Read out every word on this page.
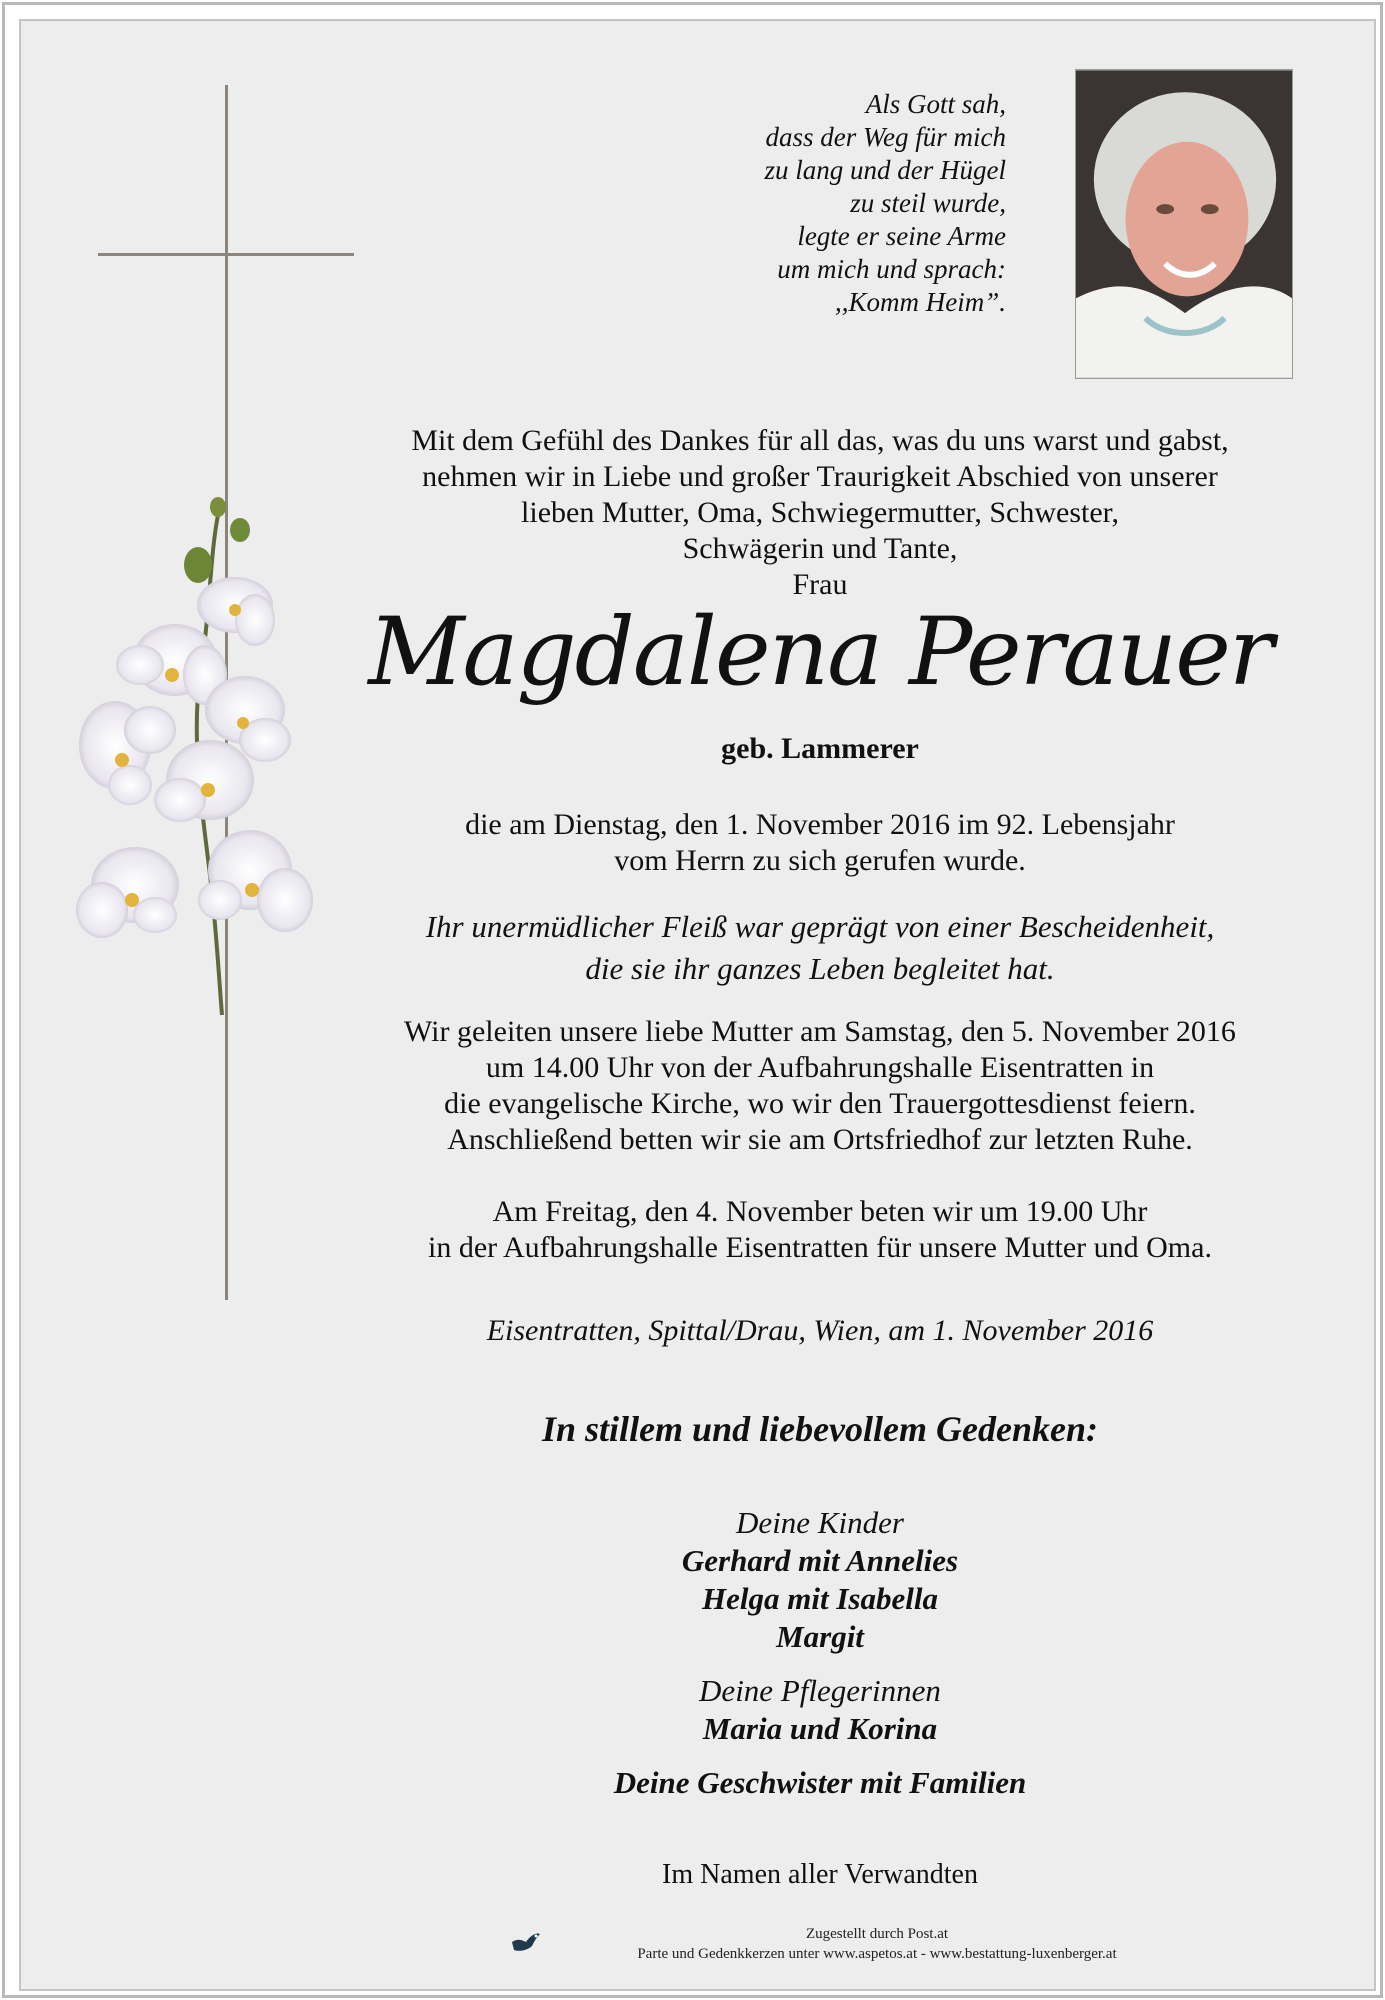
Als Gott sah,
dass der Weg für mich
zu lang und der Hügel
zu steil wurde,
legte er seine Arme
um mich und sprach:
,,Komm Heim”.
Mit dem Gefühl des Dankes für all das, was du uns warst und gabst,
nehmen wir in Liebe und großer Traurigkeit Abschied von unserer
lieben Mutter, Oma, Schwiegermutter, Schwester,
Schwägerin und Tante,
Frau
Magdalena Perauer
geb. Lammerer
die am Dienstag, den 1. November 2016 im 92. Lebensjahr
vom Herrn zu sich gerufen wurde.
Ihr unermüdlicher Fleiß war geprägt von einer Bescheidenheit,
die sie ihr ganzes Leben begleitet hat.
Wir geleiten unsere liebe Mutter am Samstag, den 5. November 2016
um 14.00 Uhr von der Aufbahrungshalle Eisentratten in
die evangelische Kirche, wo wir den Trauergottesdienst feiern.
Anschließend betten wir sie am Ortsfriedhof zur letzten Ruhe.
Am Freitag, den 4. November beten wir um 19.00 Uhr
in der Aufbahrungshalle Eisentratten für unsere Mutter und Oma.
Eisentratten, Spittal/Drau, Wien, am 1. November 2016
In stillem und liebevollem Gedenken:
Deine Kinder
Gerhard mit Annelies
Helga mit Isabella
Margit
Deine Pflegerinnen
Maria und Korina
Deine Geschwister mit Familien
Im Namen aller Verwandten
Zugestellt durch Post.at
Parte und Gedenkkerzen unter www.aspetos.at - www.bestattung-luxenberger.at
